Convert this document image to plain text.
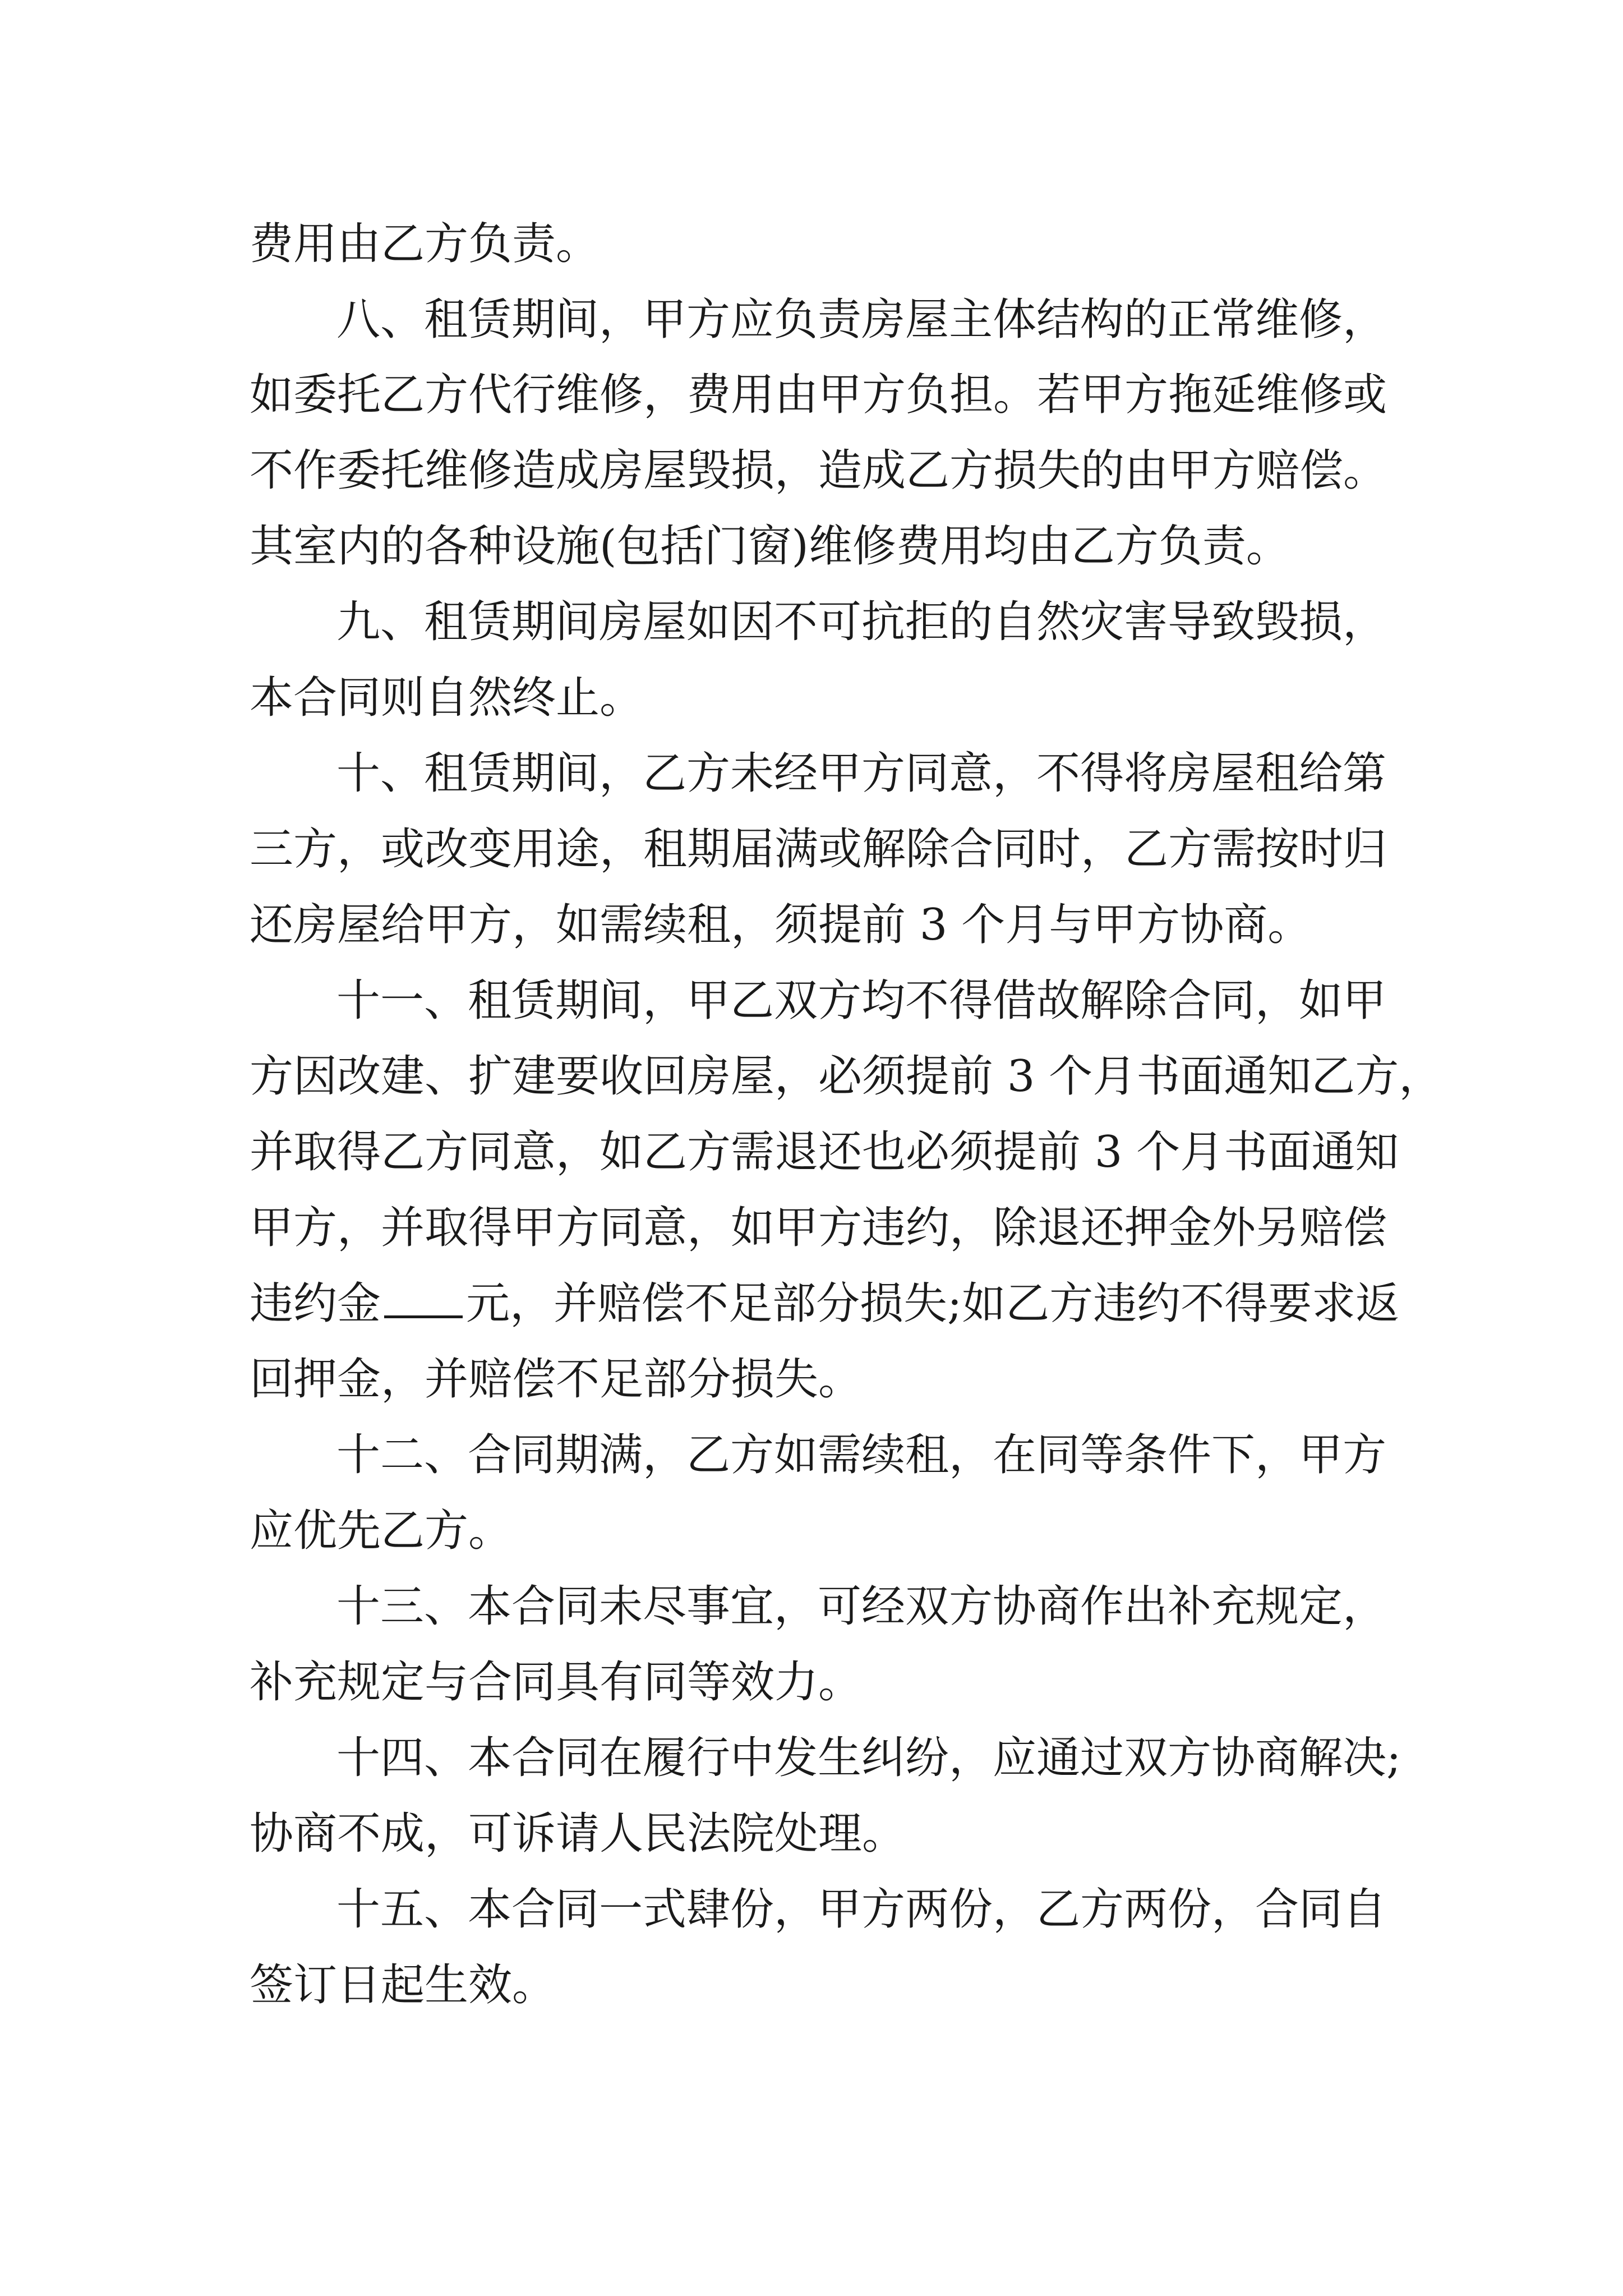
费用由乙方负责。
八、租赁期间，甲方应负责房屋主体结构的正常维修，
如委托乙方代行维修，费用由甲方负担。若甲方拖延维修或
不作委托维修造成房屋毁损，造成乙方损失的由甲方赔偿。
其室内的各种设施(包括门窗)维修费用均由乙方负责。
九、租赁期间房屋如因不可抗拒的自然灾害导致毁损，
本合同则自然终止。
十、租赁期间，乙方未经甲方同意，不得将房屋租给第
三方，或改变用途，租期届满或解除合同时，乙方需按时归
还房屋给甲方，如需续租，须提前 3 个月与甲方协商。
十一、租赁期间，甲乙双方均不得借故解除合同，如甲
方因改建、扩建要收回房屋，必须提前 3 个月书面通知乙方，
并取得乙方同意，如乙方需退还也必须提前 3 个月书面通知
甲方，并取得甲方同意，如甲方违约，除退还押金外另赔偿
违约金 元，并赔偿不足部分损失;如乙方违约不得要求返
回押金，并赔偿不足部分损失。
十二、合同期满，乙方如需续租，在同等条件下，甲方
应优先乙方。
十三、本合同未尽事宜，可经双方协商作出补充规定，
补充规定与合同具有同等效力。
十四、本合同在履行中发生纠纷，应通过双方协商解决;
协商不成，可诉请人民法院处理。
十五、本合同一式肆份，甲方两份，乙方两份，合同自
签订日起生效。
